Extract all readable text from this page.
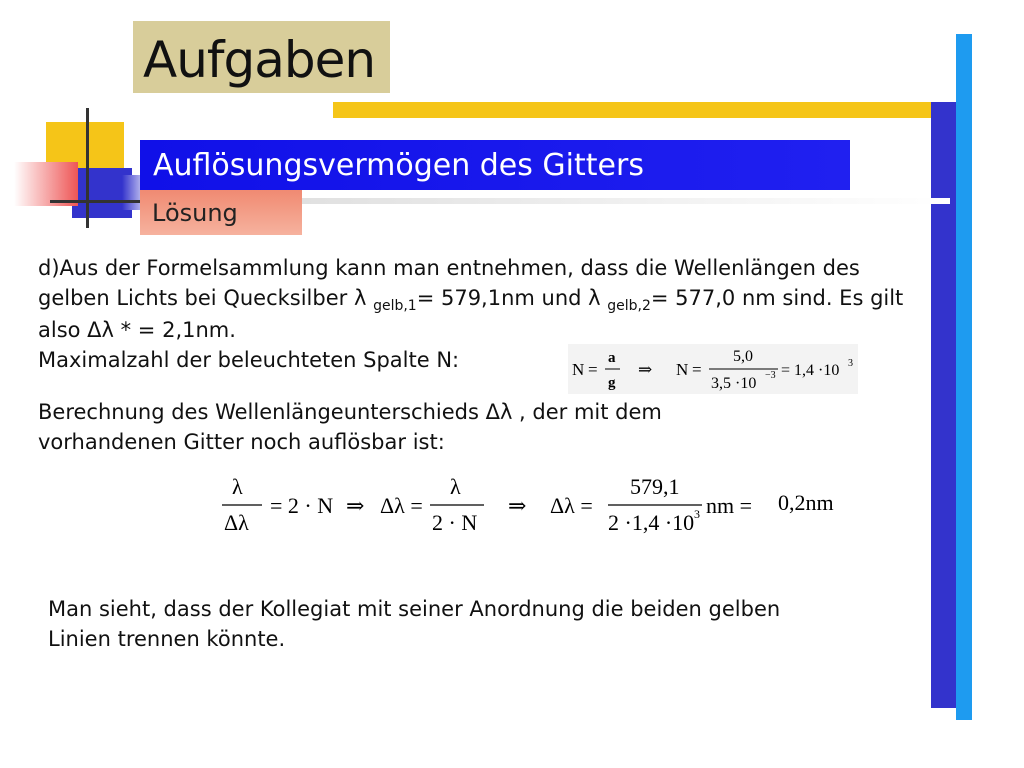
Aufgaben
Auflösungsvermögen des Gitters
Lösung
d)Aus der Formelsammlung kann man entnehmen, dass die Wellenlängen des gelben Lichts bei Quecksilber λ $_{gelb,1}$= 579,1nm und λ $_{gelb,2}$= 577,0 nm sind. Es gilt also Δλ * = 2,1nm.
Maximalzahl der beleuchteten Spalte N:	N =
a
g
⇒ N =
5,0
3,5 ·10 −3 = 1,4 ·10 3
Berechnung des Wellenlängeunterschieds Δλ , der mit dem vorhandenen Gitter noch auflösbar ist:
λ
Δλ
= 2 · N ⇒ Δλ =
λ
2 · N
⇒ Δλ =
579,1
2 ·1,4 ·10 3 nm = 0,2nm
Man sieht, dass der Kollegiat mit seiner Anordnung die beiden gelben Linien trennen könnte.
